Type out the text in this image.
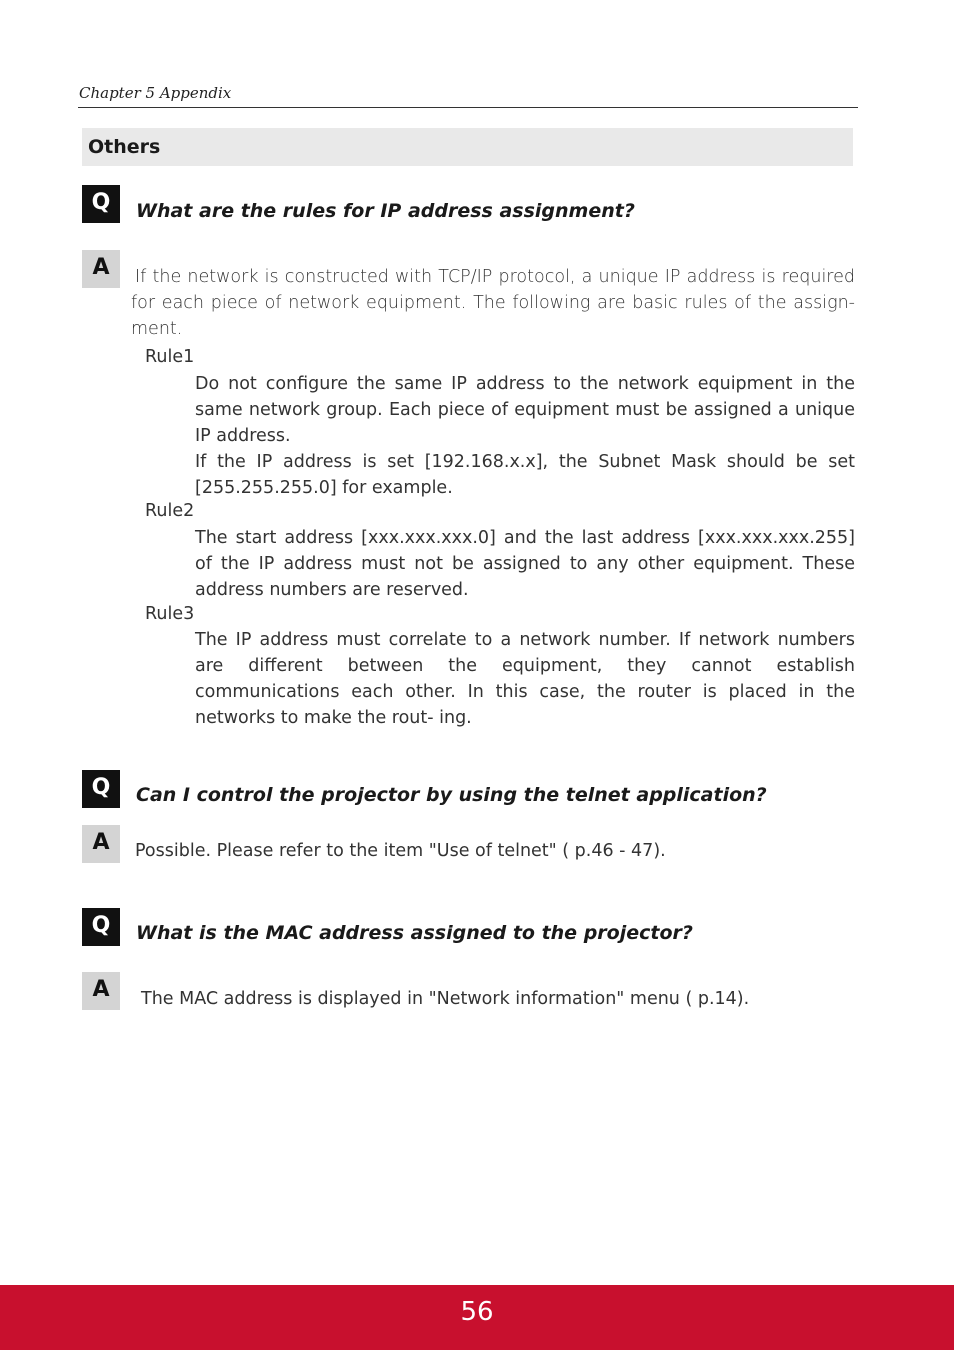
Chapter 5 Appendix
Others
Q	What are the rules for IP address assignment?
A	If the network is constructed with TCP/IP protocol, a unique IP address is required for each piece of network equipment. The following are basic rules of the assign- ment.

Rule1

Do not configure the same IP address to the network equipment in the same network group. Each piece of equipment must be assigned a unique IP address.

If the IP address is set [192.168.x.x], the Subnet Mask should be set [255.255.255.0] for example.

Rule2

The start address [xxx.xxx.xxx.0] and the last address [xxx.xxx.xxx.255] of the IP address must not be assigned to any other equipment. These address numbers are reserved.

Rule3

The IP address must correlate to a network number. If network numbers are different between the equipment, they cannot establish communications each other. In this case, the router is placed in the networks to make the rout- ing.

Q	Can I control the projector by using the telnet application?
A	Possible. Please refer to the item "Use of telnet" ( p.46 - 47).
Q	What is the MAC address assigned to the projector?
A	The MAC address is displayed in "Network information" menu ( p.14).
56
